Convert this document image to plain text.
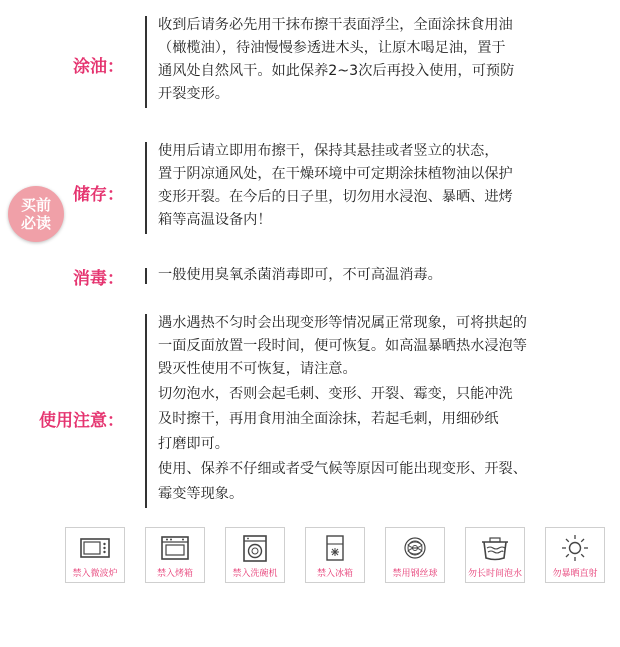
买前
必读
涂油：

收到后请务必先用干抹布擦干表面浮尘，全面涂抹食用油

（橄榄油），待油慢慢参透进木头，让原木喝足油，置于

通风处自然风干。如此保养2~3次后再投入使用，可预防

开裂变形。

储存：

使用后请立即用布擦干，保持其悬挂或者竖立的状态，

置于阴凉通风处，在干燥环境中可定期涂抹植物油以保护

变形开裂。在今后的日子里，切勿用水浸泡、暴晒、进烤

箱等高温设备内！

消毒： 一般使用臭氧杀菌消毒即可，不可高温消毒。

使用注意：

遇水遇热不匀时会出现变形等情况属正常现象，可将拱起的

一面反面放置一段时间，便可恢复。如高温暴晒热水浸泡等

毁灭性使用不可恢复，请注意。

切勿泡水，否则会起毛刺、变形、开裂、霉变，只能冲洗

及时擦干，再用食用油全面涂抹，若起毛刺，用细砂纸

打磨即可。

使用、保养不仔细或者受气候等原因可能出现变形、开裂、

霉变等现象。

禁入微波炉	禁入烤箱	禁入洗碗机	禁入冰箱	禁用钢丝球	勿长时间泡水	勿暴晒直射
